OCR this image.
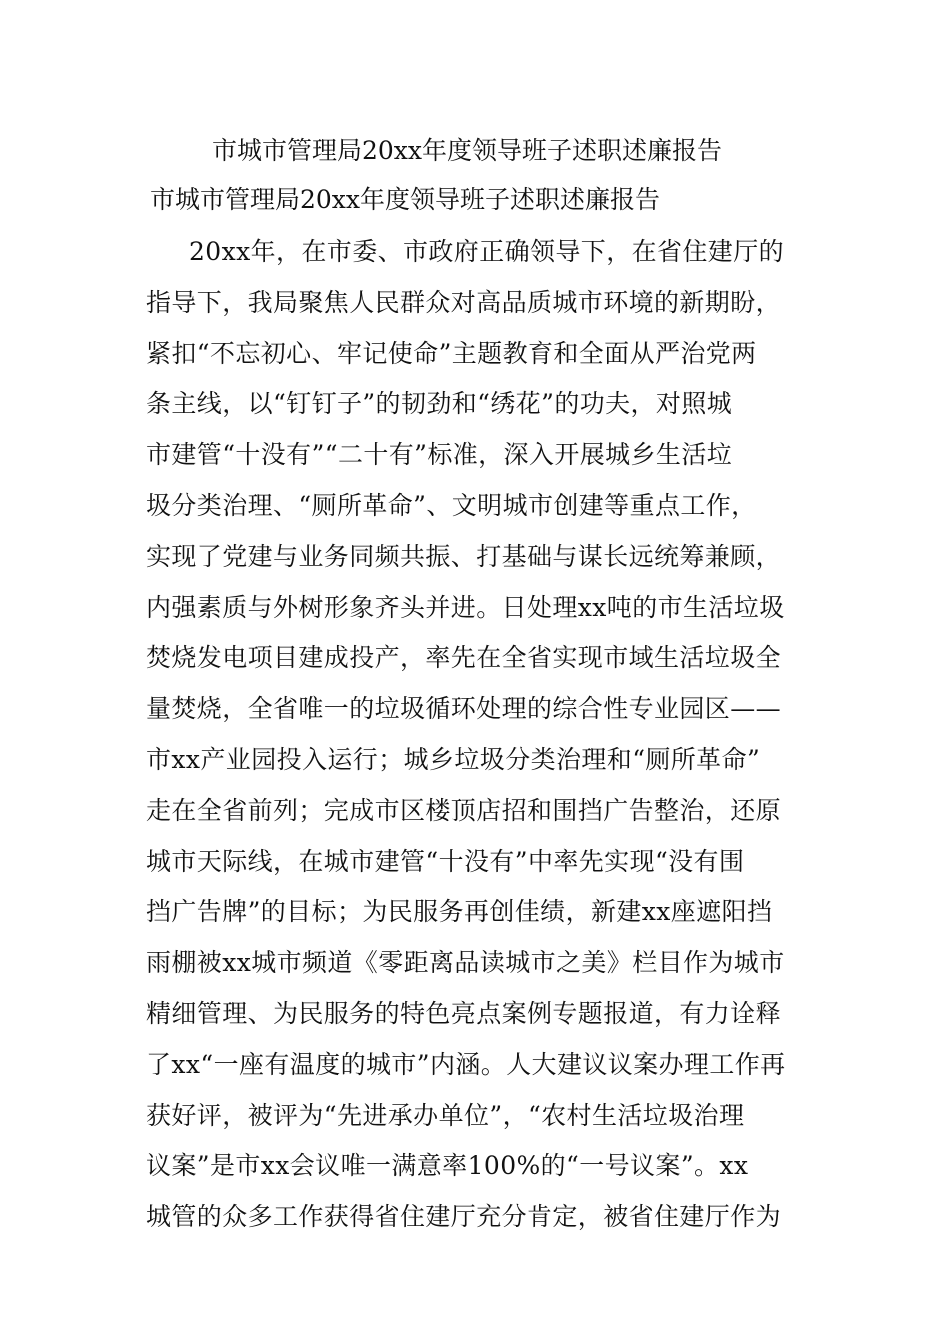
市城市管理局20xx年度领导班子述职述廉报告
市城市管理局20xx年度领导班子述职述廉报告
20xx年，在市委、市政府正确领导下，在省住建厅的
指导下，我局聚焦人民群众对高品质城市环境的新期盼，
紧扣“不忘初心、牢记使命”主题教育和全面从严治党两
条主线，以“钉钉子”的韧劲和“绣花”的功夫，对照城
市建管“十没有”“二十有”标准，深入开展城乡生活垃
圾分类治理、“厕所革命”、文明城市创建等重点工作，
实现了党建与业务同频共振、打基础与谋长远统筹兼顾，
内强素质与外树形象齐头并进。日处理xx吨的市生活垃圾
焚烧发电项目建成投产，率先在全省实现市域生活垃圾全
量焚烧，全省唯一的垃圾循环处理的综合性专业园区——
市xx产业园投入运行；城乡垃圾分类治理和“厕所革命”
走在全省前列；完成市区楼顶店招和围挡广告整治，还原
城市天际线，在城市建管“十没有”中率先实现“没有围
挡广告牌”的目标；为民服务再创佳绩，新建xx座遮阳挡
雨棚被xx城市频道《零距离品读城市之美》栏目作为城市
精细管理、为民服务的特色亮点案例专题报道，有力诠释
了xx“一座有温度的城市”内涵。人大建议议案办理工作再
获好评，被评为“先进承办单位”，“农村生活垃圾治理
议案”是市xx会议唯一满意率100%的“一号议案”。xx
城管的众多工作获得省住建厅充分肯定，被省住建厅作为
